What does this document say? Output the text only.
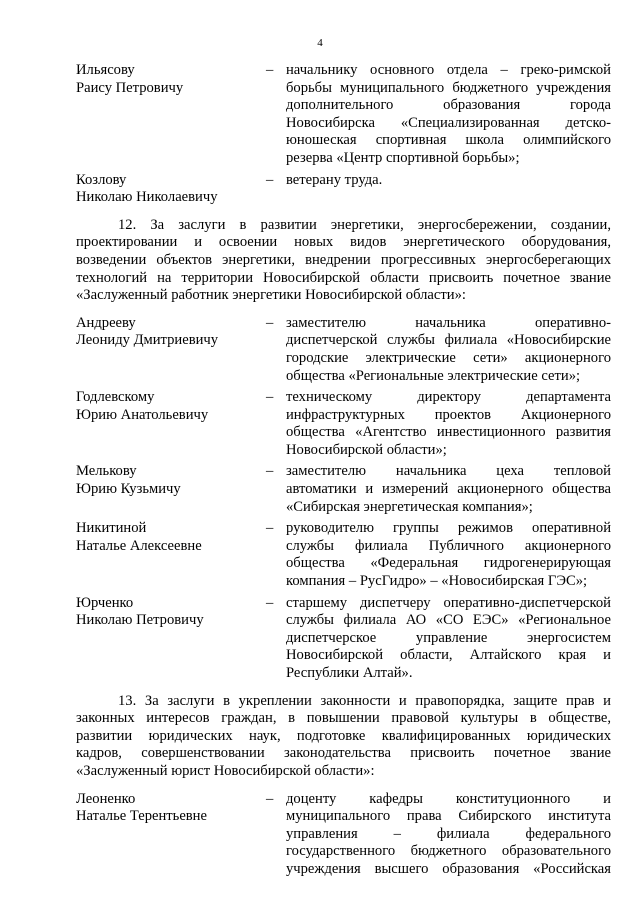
4
Ильясову
Раису Петровичу
– начальнику основного отдела – греко-римской
борьбы муниципального бюджетного учреждения
дополнительного образования города
Новосибирска «Специализированная детско-
юношеская спортивная школа олимпийского
резерва «Центр спортивной борьбы»;
Козлову
Николаю Николаевичу
– ветерану труда.
12. За заслуги в развитии энергетики, энергосбережении, создании,
проектировании и освоении новых видов энергетического оборудования,
возведении объектов энергетики, внедрении прогрессивных энергосберегающих
технологий на территории Новосибирской области присвоить почетное звание
«Заслуженный работник энергетики Новосибирской области»:
Андрееву
Леониду Дмитриевичу
– заместителю начальника оперативно-
диспетчерской службы филиала «Новосибирские
городские электрические сети» акционерного
общества «Региональные электрические сети»;
Годлевскому
Юрию Анатольевичу
– техническому директору департамента
инфраструктурных проектов Акционерного
общества «Агентство инвестиционного развития
Новосибирской области»;
Мелькову
Юрию Кузьмичу
– заместителю начальника цеха тепловой
автоматики и измерений акционерного общества
«Сибирская энергетическая компания»;
Никитиной
Наталье Алексеевне
– руководителю группы режимов оперативной
службы филиала Публичного акционерного
общества «Федеральная гидрогенерирующая
компания – РусГидро» – «Новосибирская ГЭС»;
Юрченко
Николаю Петровичу
– старшему диспетчеру оперативно-диспетчерской
службы филиала АО «СО ЕЭС» «Региональное
диспетчерское управление энергосистем
Новосибирской области, Алтайского края и
Республики Алтай».
13. За заслуги в укреплении законности и правопорядка, защите прав и
законных интересов граждан, в повышении правовой культуры в обществе,
развитии юридических наук, подготовке квалифицированных юридических
кадров, совершенствовании законодательства присвоить почетное звание
«Заслуженный юрист Новосибирской области»:
Леоненко
Наталье Терентьевне
– доценту кафедры конституционного и
муниципального права Сибирского института
управления – филиала федерального
государственного бюджетного образовательного
учреждения высшего образования «Российская
